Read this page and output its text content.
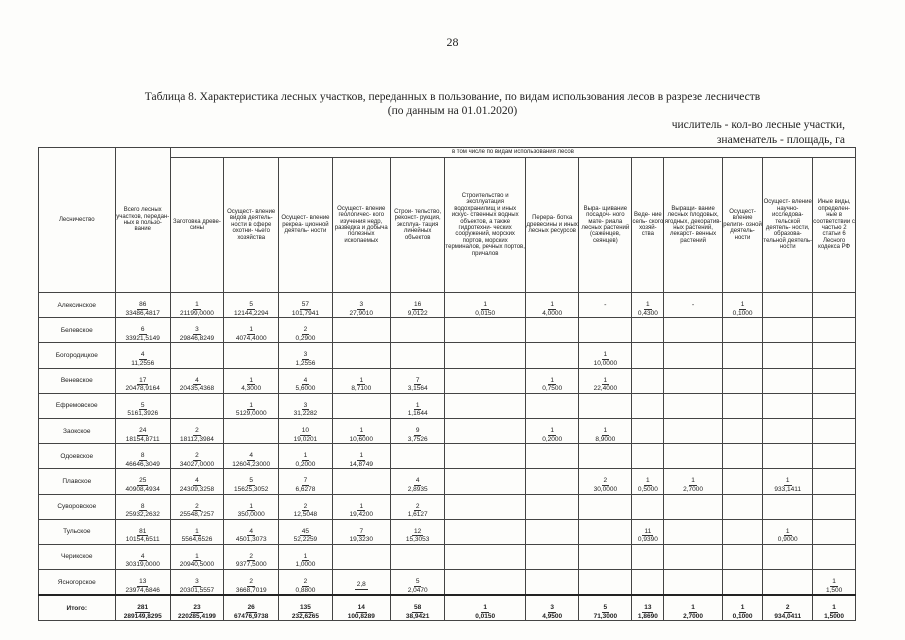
28
Таблица 8. Характеристика лесных участков, переданных в пользование, по видам использования лесов в разрезе лесничеств
(по данным на 01.01.2020)
числитель - кол-во лесные участки,
знаменатель - площадь, га
Лесничество	Всего лесных участков, передан- ных в пользо- вание	в том числе по видам использования лесов												
		Заготовка древе- сины	Осущест- вление видов деятель- ности в сфере охотни- чьего хозяйства	Осущест- вление рекреа- ционной деятель- ности	Осущест- вление геологичес- кого изучения недр, разведка и добыча полезных ископаемых	Строи- тельство, реконст- рукция, эксплуа- тация линейных объектов	Строительство и эксплуатация водохранилищ и иных искус- ственных водных объектов, а также гидротехни- ческих сооружений, морских портов, морских терминалов, речных портов, причалов	Перера- ботка древесины и иных лесных ресурсов	Выра- щивание посадоч- ного мате- риала лесных растений (саженцев, сеянцев)	Веде- ние сель- ского хозяй- ства	Выращи- вание лесных плодовых, ягодных, декоратив- ных растений, лекарст- венных растений	Осущест- вление религи- озной деятель- ности	Осущест- вление научно- исследова- тельской деятель- ности, образова- тельной деятель- ности	Иные виды, определен- ные в соответствии с частью 2 статьи 6 Лесного кодекса РФ
Алексинское	$\frac{86}{33486,4817}$	$\frac{1}{21199,0000}$	$\frac{5}{12144,2294}$	$\frac{57}{101,7941}$	$\frac{3}{27,9010}$	$\frac{16}{9,0122}$	$\frac{1}{0,0150}$	$\frac{1}{4,0000}$	-	$\frac{1}{0,4300}$	-	$\frac{1}{0,1000}$

Белевское	$\frac{6}{33921,5149}$	$\frac{3}{29846,8249}$	$\frac{1}{4074,4000}$	$\frac{2}{0,2900}$

Богородицкое	$\frac{4}{11,2556}$			$\frac{3}{1,2556}$					$\frac{1}{10,0000}$

Веневское	$\frac{17}{20478,9164}$	$\frac{4}{20435,4368}$	$\frac{1}{4,3000}$	$\frac{4}{5,6000}$	$\frac{1}{8,7100}$	$\frac{7}{3,1564}$		$\frac{1}{0,7500}$	$\frac{1}{22,4000}$

Ефремовское	$\frac{5}{5161,3926}$		$\frac{1}{5129,0000}$	$\frac{3}{31,2282}$		$\frac{1}{1,1644}$

Заокское	$\frac{24}{18154,8711}$	$\frac{2}{18112,3984}$		$\frac{10}{19,0201}$	$\frac{1}{10,6000}$	$\frac{9}{3,7526}$		$\frac{1}{0,2000}$	$\frac{1}{8,9000}$

Одоевское	$\frac{8}{46646,3049}$	$\frac{2}{34027,0000}$	$\frac{4}{12604,23000}$	$\frac{1}{0,2000}$	$\frac{1}{14,8749}$

Плавское	$\frac{25}{40908,4934}$	$\frac{4}{24309,3258}$	$\frac{5}{15625,3052}$	$\frac{7}{6,6278}$		$\frac{4}{2,8935}$			$\frac{2}{30,0000}$	$\frac{1}{0,5000}$	$\frac{1}{2,7000}$		$\frac{1}{933,1411}$

Суворовское	$\frac{8}{25932,2632}$	$\frac{2}{25548,7257}$	$\frac{1}{350,0000}$	$\frac{2}{12,5048}$	$\frac{1}{19,4200}$	$\frac{2}{1,6127}$

Тульское	$\frac{81}{10154,6511}$	$\frac{1}{5564,6526}$	$\frac{4}{4501,3073}$	$\frac{45}{52,2259}$	$\frac{7}{19,3230}$	$\frac{12}{15,3053}$				$\frac{11}{0,9390}$			$\frac{1}{0,9000}$

Черикское	$\frac{4}{30319,0000}$	$\frac{1}{20940,5000}$	$\frac{2}{9377,5000}$	$\frac{1}{1,0000}$

Ясногорское	$\frac{13}{23974,6846}$	$\frac{3}{20301,5557}$	$\frac{2}{3668,7019}$	$\frac{2}{0,8800}$	2,8	$\frac{5}{2,0470}$								$\frac{1}{1,500}$

Итого:	$\frac{281}{289149,8295}$	$\frac{23}{220285,4199}$	$\frac{26}{67476,9738}$	$\frac{135}{232,6265}$	$\frac{14}{100,8289}$	$\frac{58}{38,9421}$	$\frac{1}{0,0150}$	$\frac{3}{4,9500}$	$\frac{5}{71,3000}$	$\frac{13}{1,8690}$	$\frac{1}{2,7000}$	$\frac{1}{0,1000}$	$\frac{2}{934,0411}$	$\frac{1}{1,5000}$
